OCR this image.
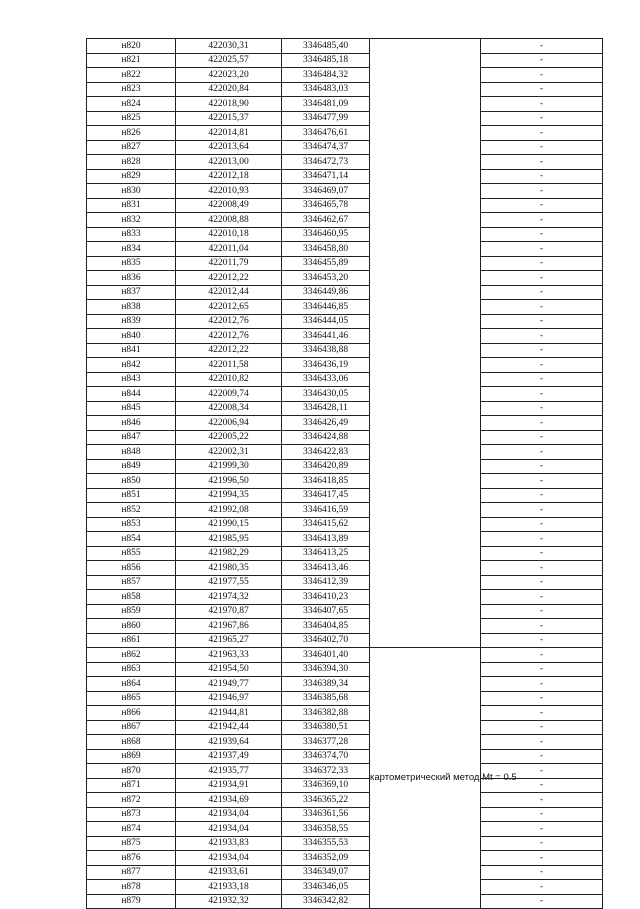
н820	422030,31	3346485,40		-
н821	422025,57	3346485,18		-
н822	422023,20	3346484,32		-
н823	422020,84	3346483,03		-
н824	422018,90	3346481,09		-
н825	422015,37	3346477,99		-
н826	422014,81	3346476,61		-
н827	422013,64	3346474,37		-
н828	422013,00	3346472,73		-
н829	422012,18	3346471,14		-
н830	422010,93	3346469,07		-
н831	422008,49	3346465,78		-
н832	422008,88	3346462,67		-
н833	422010,18	3346460,95		-
н834	422011,04	3346458,80		-
н835	422011,79	3346455,89		-
н836	422012,22	3346453,20		-
н837	422012,44	3346449,86		-
н838	422012,65	3346446,85		-
н839	422012,76	3346444,05		-
н840	422012,76	3346441,46		-
н841	422012,22	3346438,88		-
н842	422011,58	3346436,19		-
н843	422010,82	3346433,06		-
н844	422009,74	3346430,05		-
н845	422008,34	3346428,11		-
н846	422006,94	3346426,49		-
н847	422005,22	3346424,88		-
н848	422002,31	3346422,83		-
н849	421999,30	3346420,89		-
н850	421996,50	3346418,85		-
н851	421994,35	3346417,45		-
н852	421992,08	3346416,59		-
н853	421990,15	3346415,62		-
н854	421985,95	3346413,89		-
н855	421982,29	3346413,25		-
н856	421980,35	3346413,46		-
н857	421977,55	3346412,39		-
н858	421974,32	3346410,23		-
н859	421970,87	3346407,65		-
н860	421967,86	3346404,85		-
н861	421965,27	3346402,70		-
н862	421963,33	3346401,40	картометрический метод Mt = 0.5	-
н863	421954,50	3346394,30		-
н864	421949,77	3346389,34		-
н865	421946,97	3346385,68		-
н866	421944,81	3346382,88		-
н867	421942,44	3346380,51		-
н868	421939,64	3346377,28		-
н869	421937,49	3346374,70		-
н870	421935,77	3346372,33		-
н871	421934,91	3346369,10		-
н872	421934,69	3346365,22		-
н873	421934,04	3346361,56		-
н874	421934,04	3346358,55		-
н875	421933,83	3346355,53		-
н876	421934,04	3346352,09		-
н877	421933,61	3346349,07		-
н878	421933,18	3346346,05		-
н879	421932,32	3346342,82		-
